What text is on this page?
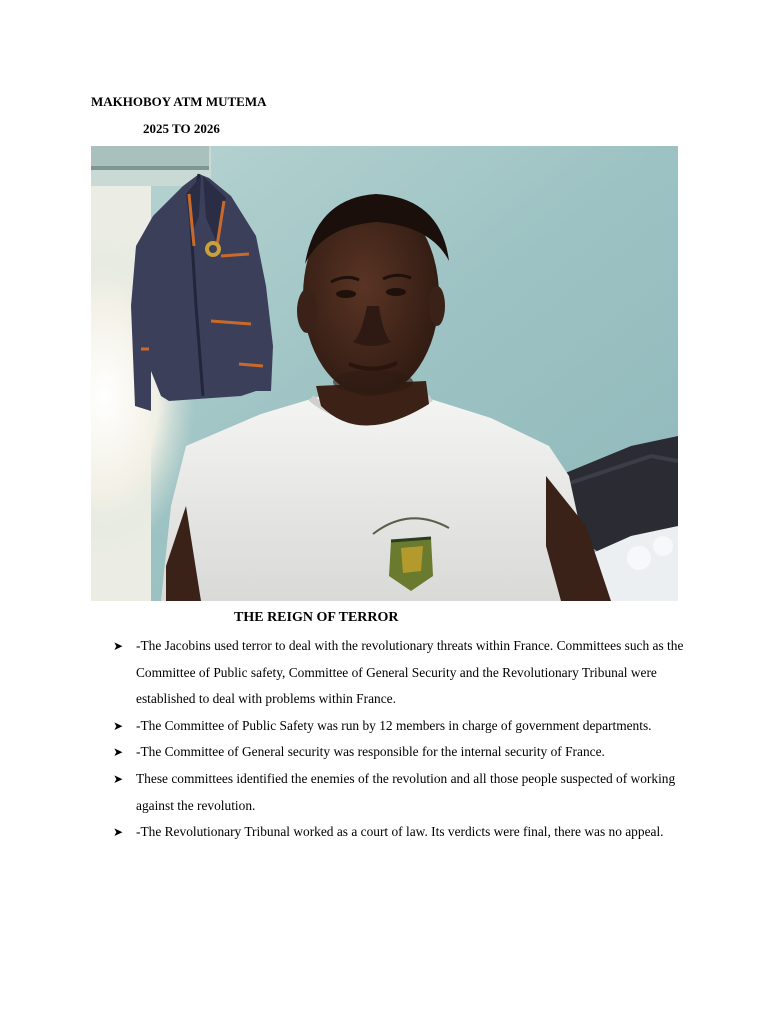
MAKHOBOY ATM MUTEMA

2025 TO 2026

THE REIGN OF TERROR

➤ -The Jacobins used terror to deal with the revolutionary threats within France. Committees such as the Committee of Public safety, Committee of General Security and the Revolutionary Tribunal were established to deal with problems within France.
➤ -The Committee of Public Safety was run by 12 members in charge of government departments.
➤ -The Committee of General security was responsible for the internal security of France.
➤ These committees identified the enemies of the revolution and all those people suspected of working against the revolution.
➤ -The Revolutionary Tribunal worked as a court of law. Its verdicts were final, there was no appeal.
